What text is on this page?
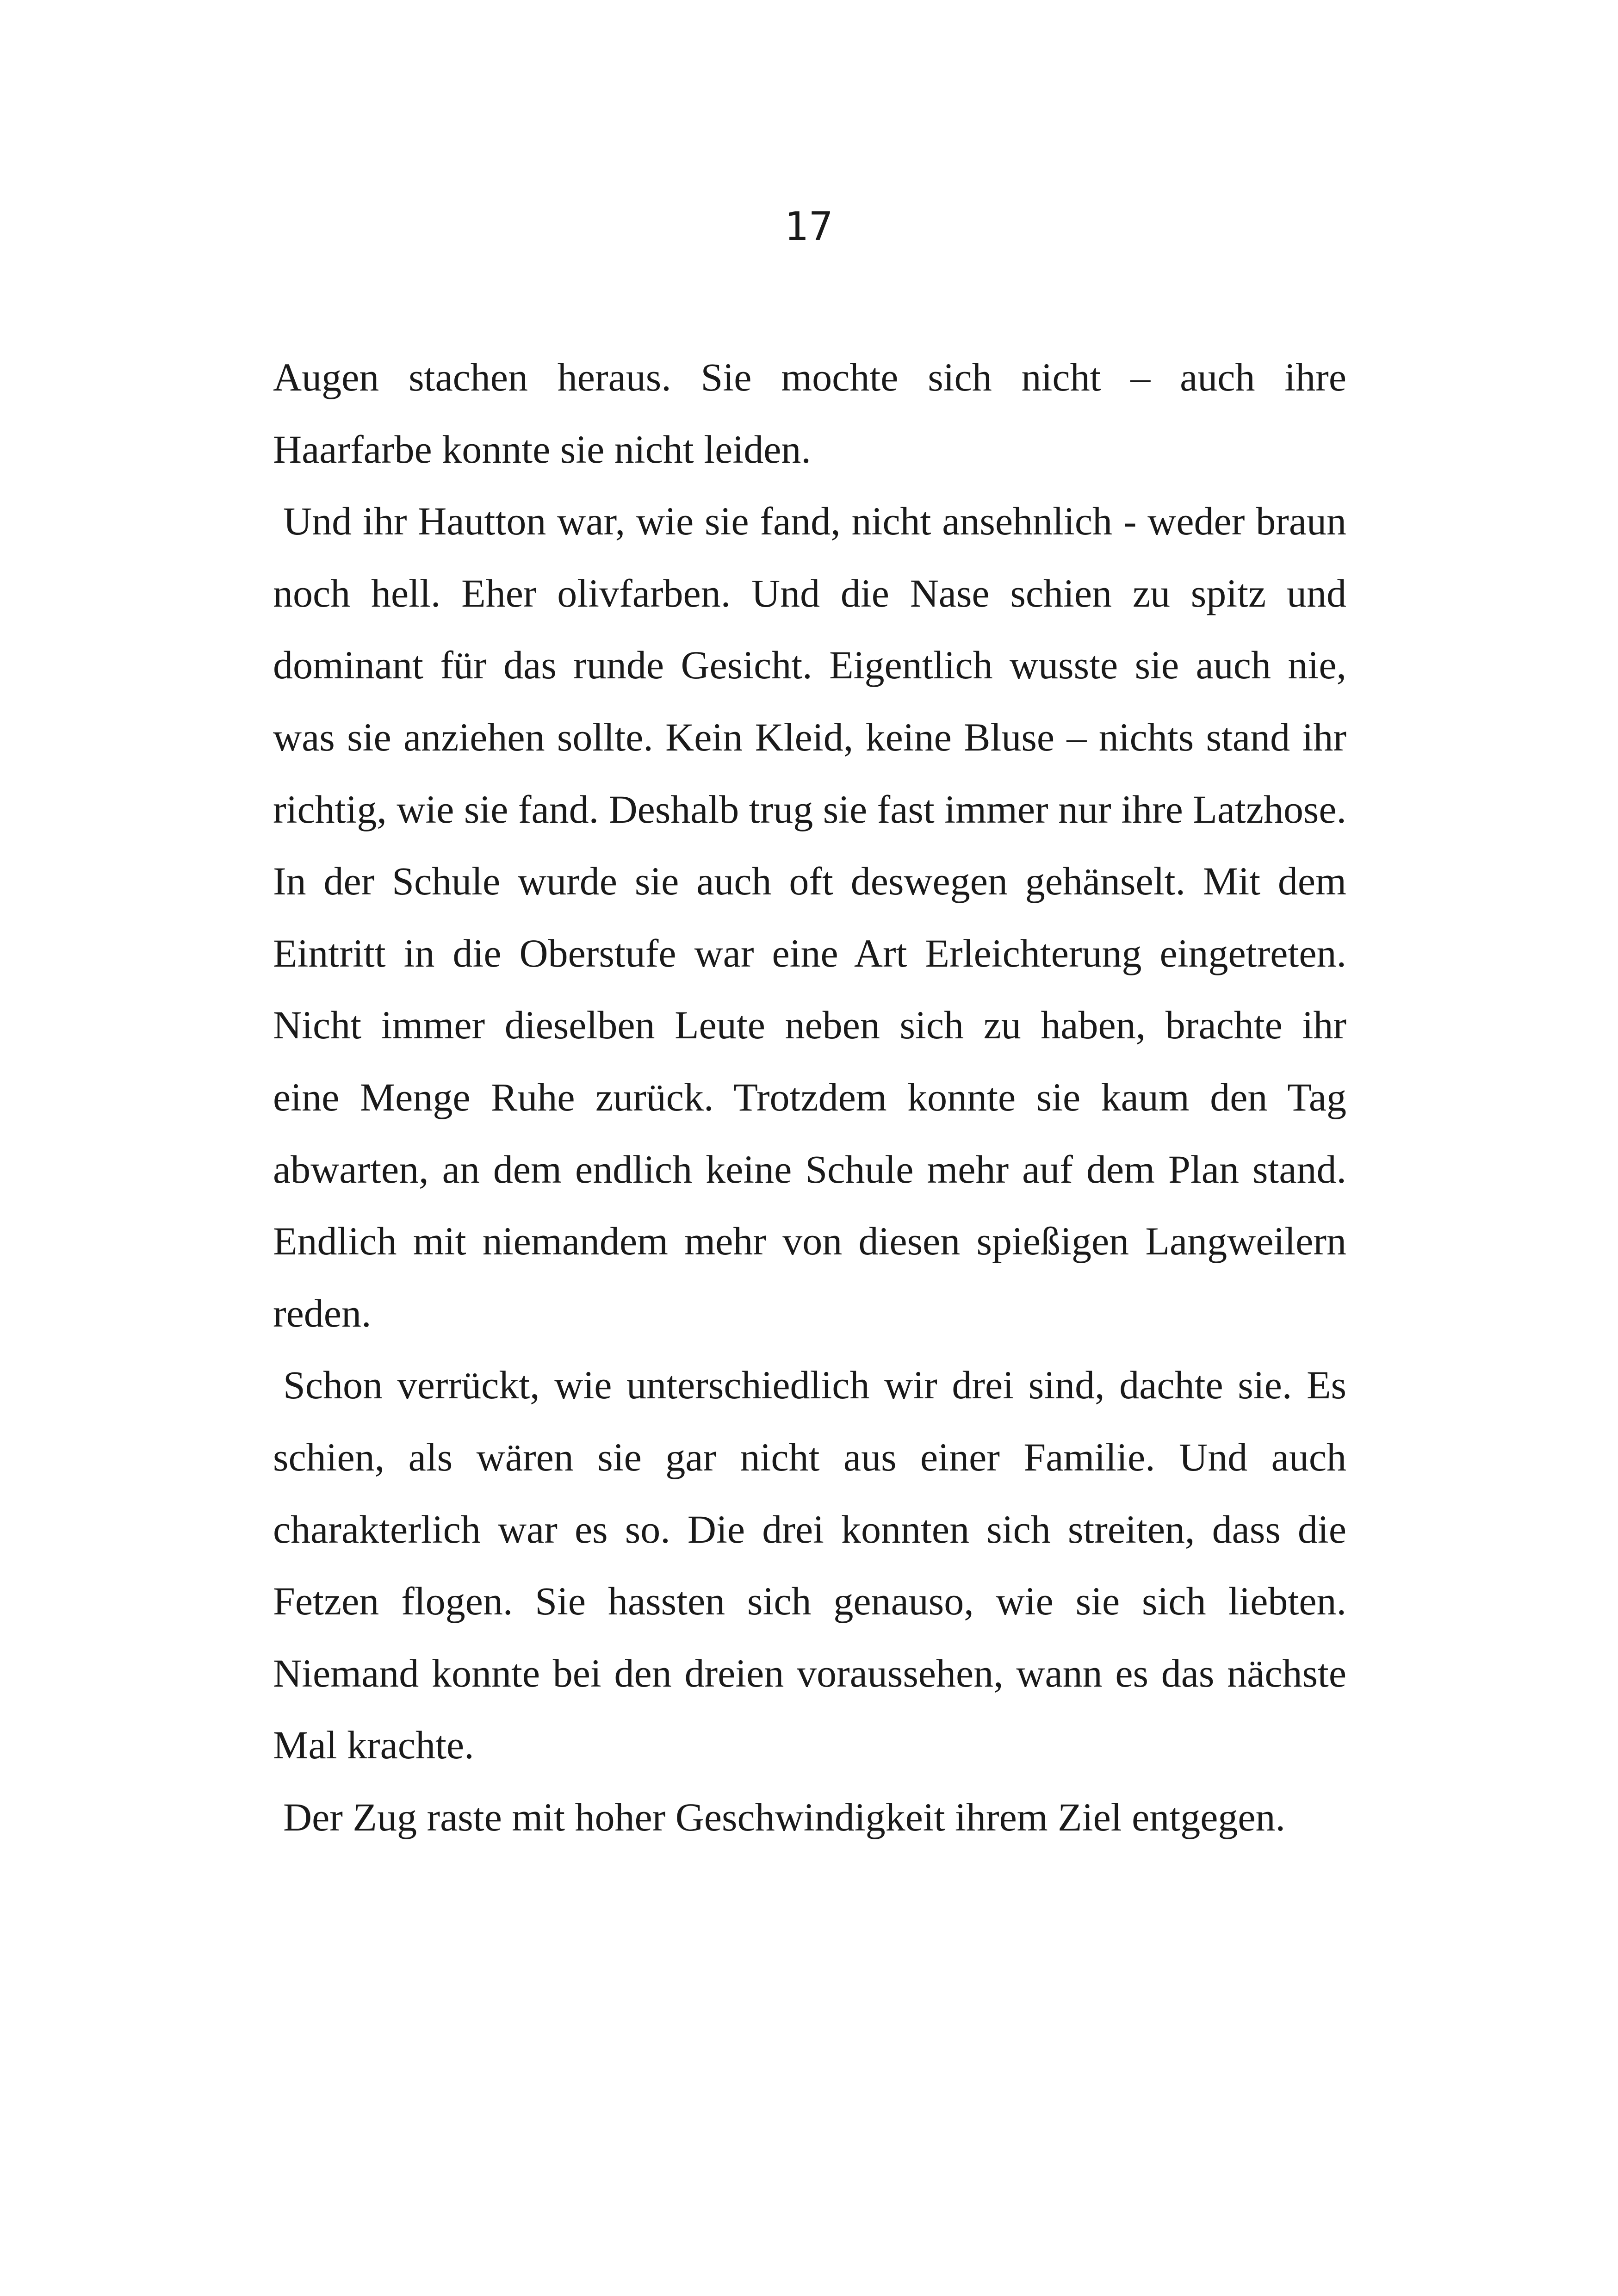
17
Augen stachen heraus. Sie mochte sich nicht – auch ihre
Haarfarbe konnte sie nicht leiden.
Und ihr Hautton war, wie sie fand, nicht ansehnlich - weder braun
noch hell. Eher olivfarben. Und die Nase schien zu spitz und
dominant für das runde Gesicht. Eigentlich wusste sie auch nie,
was sie anziehen sollte. Kein Kleid, keine Bluse – nichts stand ihr
richtig, wie sie fand. Deshalb trug sie fast immer nur ihre Latzhose.
In der Schule wurde sie auch oft deswegen gehänselt. Mit dem
Eintritt in die Oberstufe war eine Art Erleichterung eingetreten.
Nicht immer dieselben Leute neben sich zu haben, brachte ihr
eine Menge Ruhe zurück. Trotzdem konnte sie kaum den Tag
abwarten, an dem endlich keine Schule mehr auf dem Plan stand.
Endlich mit niemandem mehr von diesen spießigen Langweilern
reden.
Schon verrückt, wie unterschiedlich wir drei sind, dachte sie. Es
schien, als wären sie gar nicht aus einer Familie. Und auch
charakterlich war es so. Die drei konnten sich streiten, dass die
Fetzen flogen. Sie hassten sich genauso, wie sie sich liebten.
Niemand konnte bei den dreien voraussehen, wann es das nächste
Mal krachte.
Der Zug raste mit hoher Geschwindigkeit ihrem Ziel entgegen.
